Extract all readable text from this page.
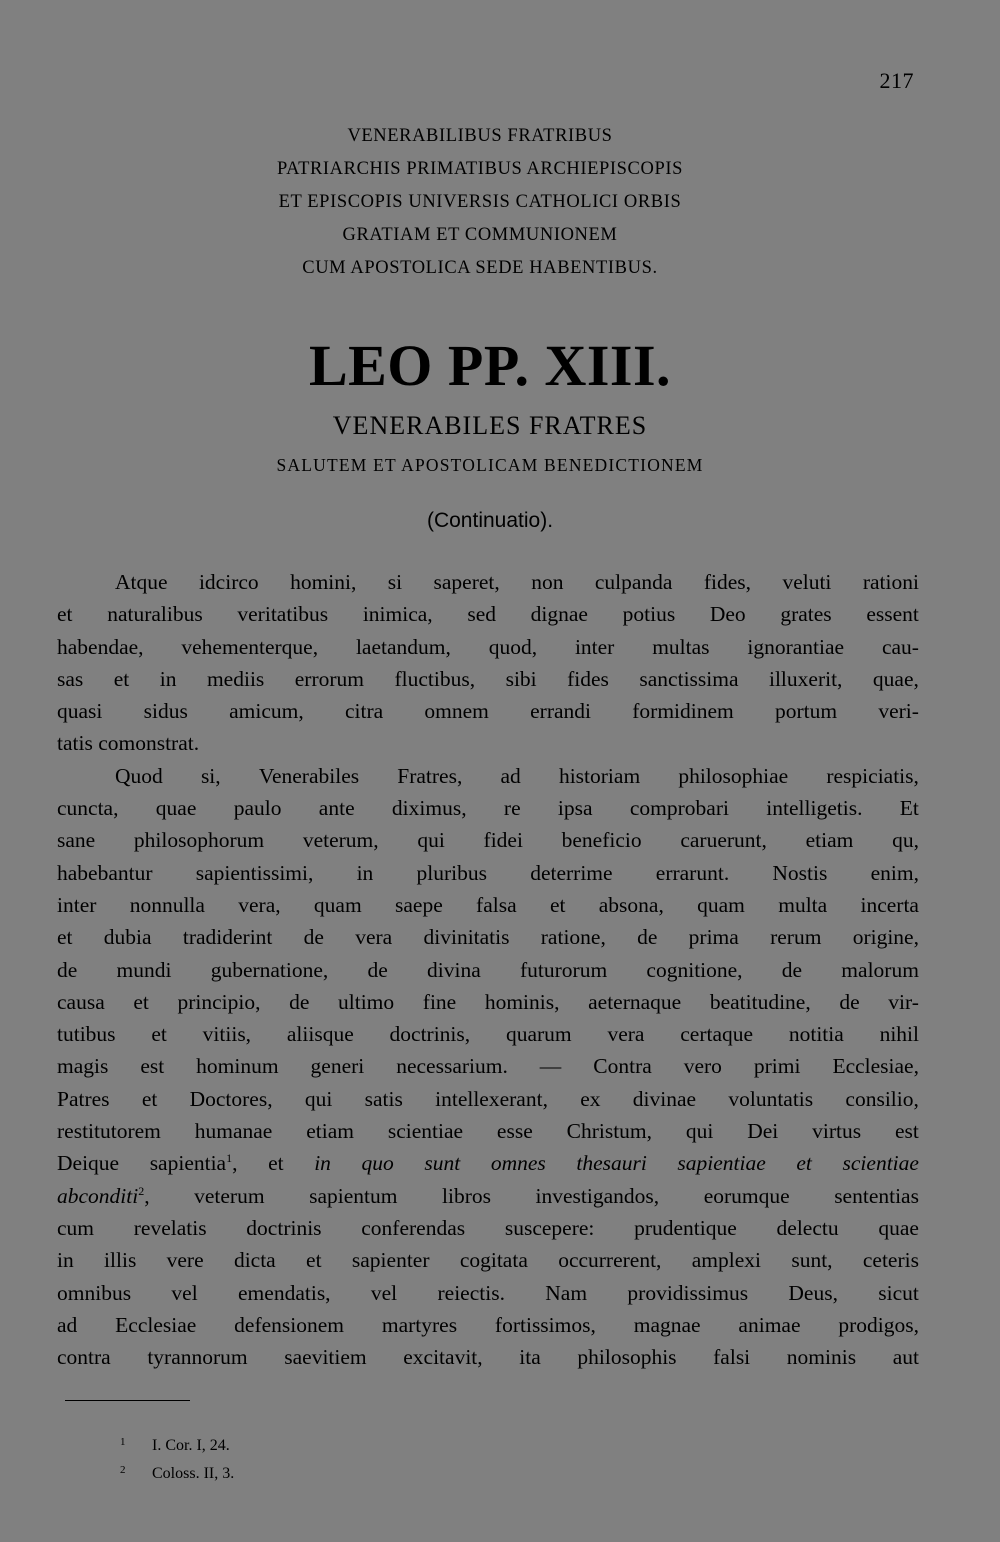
217
VENERABILIBUS FRATRIBUS
PATRIARCHIS PRIMATIBUS ARCHIEPISCOPIS
ET EPISCOPIS UNIVERSIS CATHOLICI ORBIS
GRATIAM ET COMMUNIONEM
CUM APOSTOLICA SEDE HABENTIBUS.
LEO PP. XIII.
VENERABILES FRATRES
SALUTEM ET APOSTOLICAM BENEDICTIONEM
(Continuatio).
Atque idcirco homini, si saperet, non culpanda fides, veluti rationi
et naturalibus veritatibus inimica, sed dignae potius Deo grates essent
habendae, vehementerque, laetandum, quod, inter multas ignorantiae cau-
sas et in mediis errorum fluctibus, sibi fides sanctissima illuxerit, quae,
quasi sidus amicum, citra omnem errandi formidinem portum veri-
tatis comonstrat.
Quod si, Venerabiles Fratres, ad historiam philosophiae respiciatis,
cuncta, quae paulo ante diximus, re ipsa comprobari intelligetis. Et
sane philosophorum veterum, qui fidei beneficio caruerunt, etiam qu,
habebantur sapientissimi, in pluribus deterrime errarunt. Nostis enim,
inter nonnulla vera, quam saepe falsa et absona, quam multa incerta
et dubia tradiderint de vera divinitatis ratione, de prima rerum origine,
de mundi gubernatione, de divina futurorum cognitione, de malorum
causa et principio, de ultimo fine hominis, aeternaque beatitudine, de vir-
tutibus et vitiis, aliisque doctrinis, quarum vera certaque notitia nihil
magis est hominum generi necessarium. — Contra vero primi Ecclesiae,
Patres et Doctores, qui satis intellexerant, ex divinae voluntatis consilio,
restitutorem humanae etiam scientiae esse Christum, qui Dei virtus est
Deique sapientia$^1$, et in quo sunt omnes thesauri sapientiae et scientiae
abconditi$^2$, veterum sapientum libros investigandos, eorumque sententias
cum revelatis doctrinis conferendas suscepere: prudentique delectu quae
in illis vere dicta et sapienter cogitata occurrerent, amplexi sunt, ceteris
omnibus vel emendatis, vel reiectis. Nam providissimus Deus, sicut
ad Ecclesiae defensionem martyres fortissimos, magnae animae prodigos,
contra tyrannorum saevitiem excitavit, ita philosophis falsi nominis aut
1 I. Cor. I, 24.
2 Coloss. II, 3.
